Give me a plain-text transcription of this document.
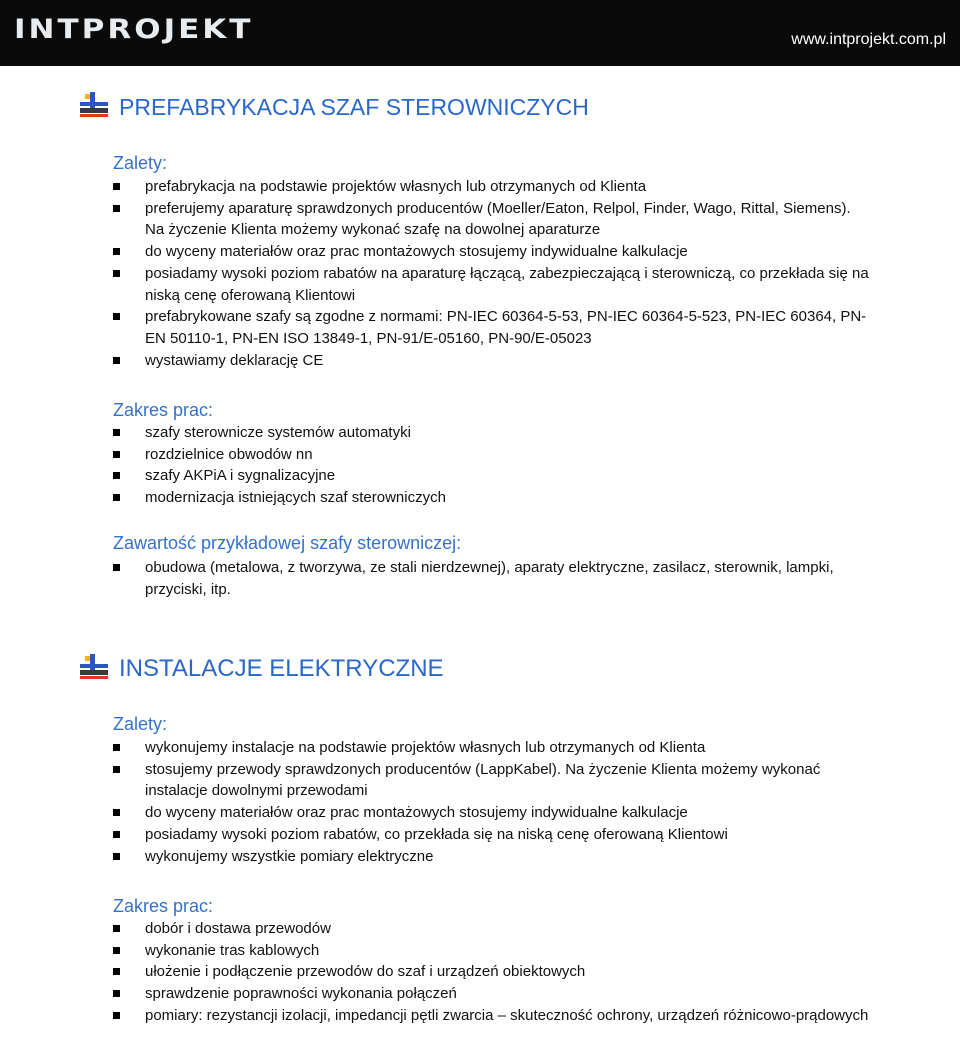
INTPROJEKT	www.intprojekt.com.pl
PREFABRYKACJA SZAF STEROWNICZYCH
Zalety:
prefabrykacja na podstawie projektów własnych lub otrzymanych od Klienta
preferujemy aparaturę sprawdzonych producentów (Moeller/Eaton, Relpol, Finder, Wago, Rittal, Siemens). Na życzenie Klienta możemy wykonać szafę na dowolnej aparaturze
do wyceny materiałów oraz prac montażowych stosujemy indywidualne kalkulacje
posiadamy wysoki poziom rabatów na aparaturę łączącą, zabezpieczającą i sterowniczą, co przekłada się na niską cenę oferowaną Klientowi
prefabrykowane szafy są zgodne z normami: PN-IEC 60364-5-53, PN-IEC 60364-5-523, PN-IEC 60364, PN-EN 50110-1, PN-EN ISO 13849-1, PN-91/E-05160, PN-90/E-05023
wystawiamy deklarację CE
Zakres prac:
szafy sterownicze systemów automatyki
rozdzielnice obwodów nn
szafy AKPiA i sygnalizacyjne
modernizacja istniejących szaf sterowniczych
Zawartość przykładowej szafy sterowniczej:
obudowa (metalowa, z tworzywa, ze stali nierdzewnej), aparaty elektryczne, zasilacz, sterownik, lampki, przyciski, itp.
INSTALACJE ELEKTRYCZNE
Zalety:
wykonujemy instalacje na podstawie projektów własnych lub otrzymanych od Klienta
stosujemy przewody sprawdzonych producentów (LappKabel). Na życzenie Klienta możemy wykonać instalacje dowolnymi przewodami
do wyceny materiałów oraz prac montażowych stosujemy indywidualne kalkulacje
posiadamy wysoki poziom rabatów, co przekłada się na niską cenę oferowaną Klientowi
wykonujemy wszystkie pomiary elektryczne
Zakres prac:
dobór i dostawa przewodów
wykonanie tras kablowych
ułożenie i podłączenie przewodów do szaf i urządzeń obiektowych
sprawdzenie poprawności wykonania połączeń
pomiary: rezystancji izolacji, impedancji pętli zwarcia – skuteczność ochrony, urządzeń różnicowo-prądowych
